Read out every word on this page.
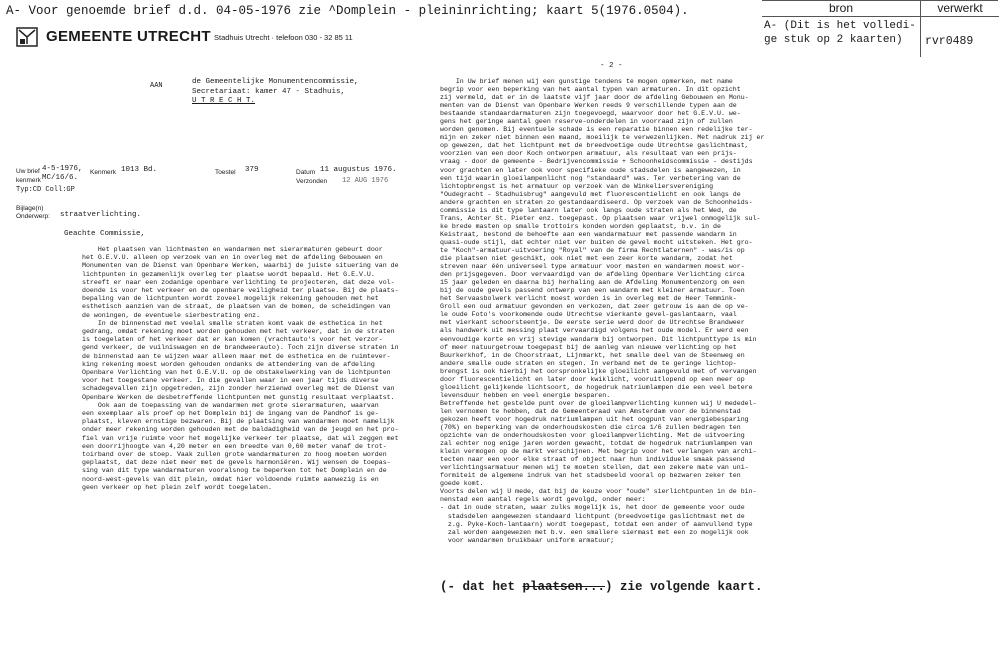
A- Voor genoemde brief d.d. 04-05-1976 zie ^Domplein - pleininrichting; kaart 5(1976.0504).	bron	verwerkt
A- (Dit is het volledi-ge stuk op 2 kaarten)	rvr0489
GEMEENTE UTRECHT Stadhuis Utrecht · telefoon 030 - 32 85 11
AAN	de Gemeentelijke Monumentencommissie,
Secretariaat: kamer 47 - Stadhuis,
U T R E C H T.
Uw brief 4-5-1976,
kenmerk MC/16/6.
Typ:CD Coll:GP
Kenmerk 1013 Bd.	Toestel 379	Datum 11 augustus 1976.
Verzonden 12 AUG 1976
Bijlage(n)
Onderwerp: straatverlichting.
Geachte Commissie,
Het plaatsen van lichtmasten en wandarmen met sierarmaturen gebeurt door
het G.E.V.U. alleen op verzoek van en in overleg met de afdeling Gebouwen en
Monumenten van de Dienst van Openbare Werken, waarbij de juiste situering van de
lichtpunten in gezamenlijk overleg ter plaatse wordt bepaald. Het G.E.V.U.
streeft er naar een zodanige openbare verlichting te projecteren, dat deze vol-
doende is voor het verkeer en de openbare veiligheid ter plaatse. Bij de plaats-
bepaling van de lichtpunten wordt zoveel mogelijk rekening gehouden met het
esthetisch aanzien van de straat, de plaatsen van de bomen, de scheidingen van
de woningen, de eventuele sierbestrating enz.
In de binnenstad met veelal smalle straten komt vaak de esthetica in het
gedrang, omdat rekening moet worden gehouden met het verkeer, dat in de straten
is toegelaten of het verkeer dat er kan komen (vrachtauto's voor het verzor-
gend verkeer, de vuilniswagen en de brandweerauto). Toch zijn diverse straten in
de binnenstad aan te wijzen waar alleen maar met de esthetica en de ruimtever-
king rekening moest worden gehouden ondanks de attendering van de afdeling
Openbare Verlichting van het G.E.V.U. op de obstakelwerking van de lichtpunten
voor het toegestane verkeer. In die gevallen waar in een jaar tijds diverse
schadegevallen zijn opgetreden, zijn zonder herzienwd overleg met de Dienst van
Openbare Werken de desbetreffende lichtpunten met gunstig resultaat verplaatst.
Ook aan de toepassing van de wandarmen met grote sierarmaturen, waarvan
een exemplaar als proef op het Domplein bij de ingang van de Pandhof is ge-
plaatst, kleven ernstige bezwaren. Bij de plaatsing van wandarmen moet namelijk
onder meer rekening worden gehouden met de baldadigheid van de jeugd en het pro-
fiel van vrije ruimte voor het mogelijke verkeer ter plaatse, dat wil zeggen met
een doorrijhoogte van 4,20 meter en een breedte van 0,60 meter vanaf de trot-
toirband over de stoep. Vaak zullen grote wandarmaturen zo hoog moeten worden
geplaatst, dat deze niet meer met de gevels harmoniëren. Wij wensen de toepas-
sing van dit type wandarmaturen vooralsnog te beperken tot het Domplein en de
noord-west-gevels van dit plein, omdat hier voldoende ruimte aanwezig is en
geen verkeer op het plein zelf wordt toegelaten.
- 2 -
In Uw brief menen wij een gunstige tendens te mogen opmerken, met name
begrip voor een beperking van het aantal typen van armaturen. In dit opzicht
zij vermeld, dat er in de laatste vijf jaar door de afdeling Gebouwen en Monu-
menten van de Dienst van Openbare Werken reeds 9 verschillende typen aan de
bestaande standaardarmaturen zijn toegevoegd, waarvoor door het G.E.V.U. we-
gens het geringe aantal geen reserve-onderdelen in voorraad zijn of zullen
worden genomen. Bij eventuele schade is een reparatie binnen een redelijke ter-
mijn en zeker niet binnen een maand, moeilijk te verwezenlijken. Met nadruk zij er
op gewezen, dat het lichtpunt met de breedvoetige oude Utrechtse gaslichtmast,
voorzien van een door Koch ontworpen armatuur, als resultaat van een prijs-
vraag - door de gemeente - Bedrijvencommissie + Schoonheidscommissie - destijds
voor grachten en later ook voor specifieke oude stadsdelen is aangewezen, in
een tijd waarin gloeilampenlicht nog "standaard" was. Ter verbetering van de
lichtopbrengst is het armatuur op verzoek van de Winkeliersvereniging
"Oudegracht - Stadhuisbrug" aangevuld met fluorescentielicht en ook langs de
andere grachten en straten zo gestandaardiseerd. Op verzoek van de Schoonheids-
commissie is dit type lantaarn later ook langs oude straten als het Wed, de
Trans, Achter St. Pieter enz. toegepast. Op plaatsen waar vrijwel onmogelijk sul-
ke brede masten op smalle trottoirs konden worden geplaatst, b.v. in de
Keistraat, bestond de behoefte aan een wandarmatuur met passende wandarm in
quasi-oude stijl, dat echter niet ver buiten de gevel mocht uitsteken. Het gro-
te "Koch"-armatuur-uitvoering "Royal" van de firma Rechtlaternen" - was/is op
die plaatsen niet geschikt, ook niet met een zeer korte wandarm, zodat het
streven naar één universeel type armatuur voor masten en wandarmen moest wor-
den prijsgegeven. Door vervaardigd van de afdeling Openbare Verlichting circa
15 jaar geleden en daarna bij herhaling aan de Afdeling Monumentenzorg om een
bij de oude gevels passend ontwerp van een wandarm met kleiner armatuur. Toen
het Servaasbolwerk verlicht moest worden is in overleg met de Heer Temmink-
Groll een oud armatuur gevonden en verkozen, dat zeer getrouw is aan de op ve-
le oude Foto's voorkomende oude Utrechtse vierkante gevel-gaslantaarn, vaal
met vierkant schoorsteentje. De eerste serie werd door de Utrechtse Brandweer
als handwerk uit messing plaat vervaardigd volgens het oude model. Er werd een
eenvoudige korte en vrij stevige wandarm bij ontworpen. Dit lichtpunttype is min
of meer natuurgetrouw toegepast bij de aanleg van nieuwe verlichting op het
Buurkerkhof, in de Choorstraat, Lijnmarkt, het smalle deel van de Steenweg en
andere smalle oude straten en stegen. In verband met de te geringe lichtop-
brengst is ook hierbij het oorspronkelijke gloeilicht aangevuld met of vervangen
door fluorescentielicht en later door kwiklicht, vooruitlopend op een meer op
gloeilicht gelijkende lichtsoort, de hogedruk natriumlampen die een veel betere
levensduur hebben en veel energie besparen.
Betreffende het gestelde punt over de gloeilampverlichting kunnen wij U mededel-
len vernomen te hebben, dat de Gemeenteraad van Amsterdam voor de binnenstad
gekozen heeft voor hogedruk natriumlampen uit het oogpunt van energiebesparing
(70%) en beperking van de onderhoudskosten die circa 1/6 zullen bedragen ten
opzichte van de onderhoudskosten voor gloeilampverlichting. Met de uitvoering
zal echter nog enige jaren worden gewacht, totdat de hogedruk natriumlampen van
klein vermogen op de markt verschijnen. Met begrip voor het verlangen van archi-
tecten naar een voor elke straat of object naar hun individuele smaak passend
verlichtingsarmatuur menen wij te moeten stellen, dat een zekere mate van uni-
formiteit de algemene indruk van het stadsbeeld vooral op bezwaren zeker ten
goede komt.
Voorts delen wij U mede, dat bij de keuze voor "oude" sierlichtpunten in de bin-
nenstad een aantal regels wordt gevolgd, onder meer:
- dat in oude straten, waar zulks mogelijk is, het door de gemeente voor oude
stadsdelen aangewezen standaard lichtpunt (breedvoetige gaslichtmast met de
z.g. Pyke-Koch-lantaarn) wordt toegepast, totdat een ander of aanvullend type
zal worden aangewezen met b.v. een smallere siermast met een zo mogelijk ook
voor wandarmen bruikbaar uniform armatuur;
(- dat het plaatsen...) zie volgende kaart.
